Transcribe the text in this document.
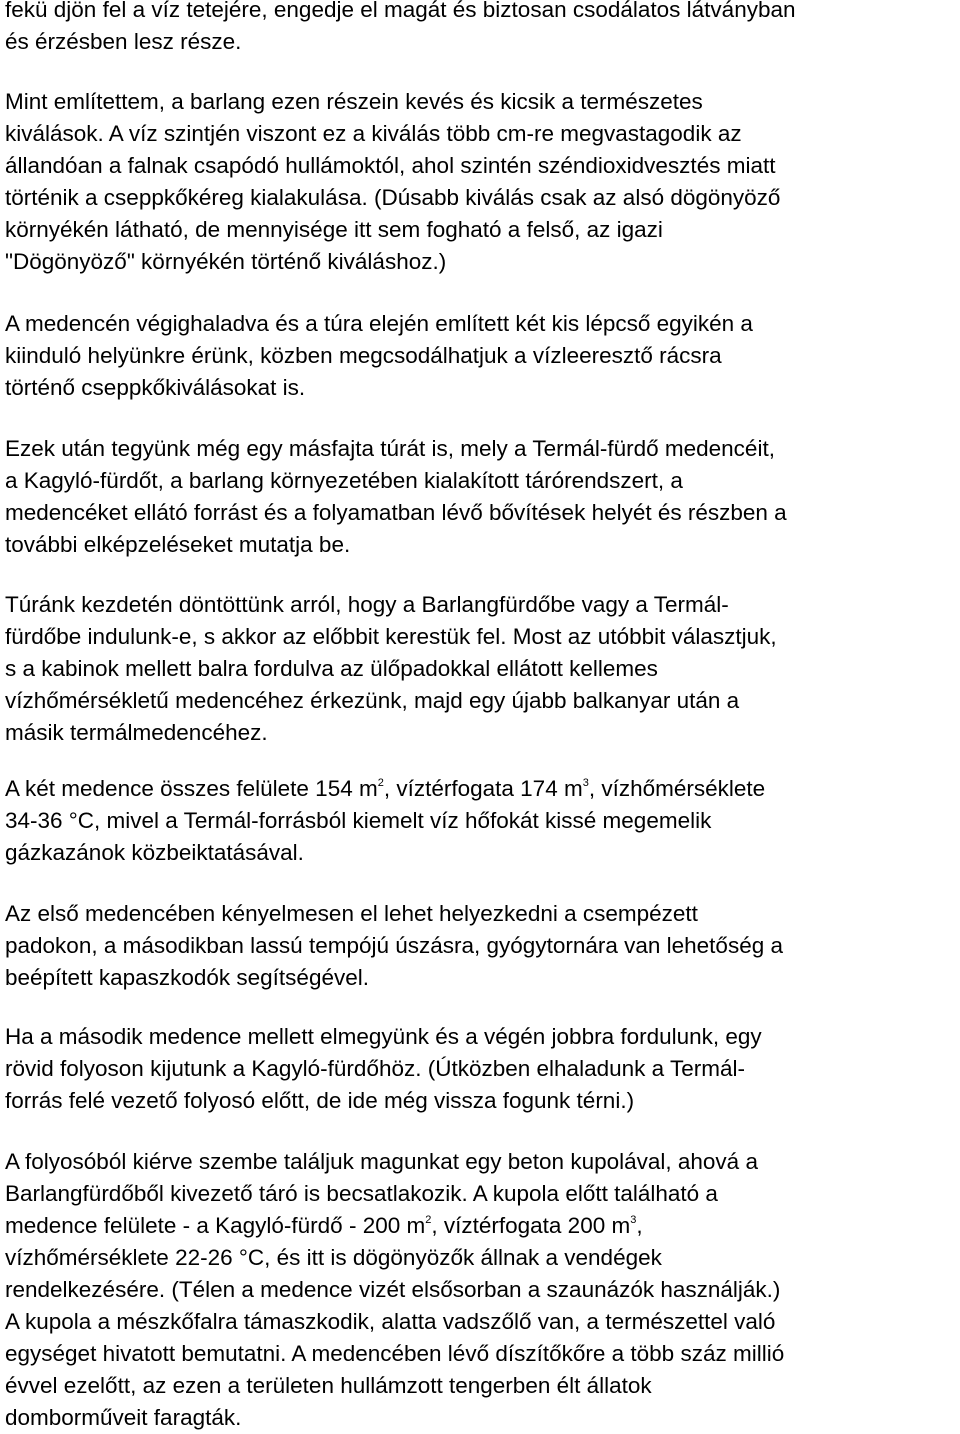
fekü djön fel a víz tetejére, engedje el magát és biztosan csodálatos látványban
és érzésben lesz része.
Mint említettem, a barlang ezen részein kevés és kicsik a természetes
kiválások. A víz szintjén viszont ez a kiválás több cm-re megvastagodik az
állandóan a falnak csapódó hullámoktól, ahol szintén széndioxidvesztés miatt
történik a cseppkőkéreg kialakulása. (Dúsabb kiválás csak az alsó dögönyöző
környékén látható, de mennyisége itt sem fogható a felső, az igazi
"Dögönyöző" környékén történő kiváláshoz.)
A medencén végighaladva és a túra elején említett két kis lépcső egyikén a
kiinduló helyünkre érünk, közben megcsodálhatjuk a vízleeresztő rácsra
történő cseppkőkiválásokat is.
Ezek után tegyünk még egy másfajta túrát is, mely a Termál-fürdő medencéit,
a Kagyló-fürdőt, a barlang környezetében kialakított tárórendszert, a
medencéket ellátó forrást és a folyamatban lévő bővítések helyét és részben a
további elképzeléseket mutatja be.
Túránk kezdetén döntöttünk arról, hogy a Barlangfürdőbe vagy a Termál-
fürdőbe indulunk-e, s akkor az előbbit kerestük fel. Most az utóbbit választjuk,
s a kabinok mellett balra fordulva az ülőpadokkal ellátott kellemes
vízhőmérsékletű medencéhez érkezünk, majd egy újabb balkanyar után a
másik termálmedencéhez.
A két medence összes felülete 154 $m^2$, víztérfogata 174 $m^3$, vízhőmérséklete
34-36 °C, mivel a Termál-forrásból kiemelt víz hőfokát kissé megemelik
gázkazánok közbeiktatásával.
Az első medencében kényelmesen el lehet helyezkedni a csempézett
padokon, a másodikban lassú tempójú úszásra, gyógytornára van lehetőség a
beépített kapaszkodók segítségével.
Ha a második medence mellett elmegyünk és a végén jobbra fordulunk, egy
rövid folyoson kijutunk a Kagyló-fürdőhöz. (Útközben elhaladunk a Termál-
forrás felé vezető folyosó előtt, de ide még vissza fogunk térni.)
A folyosóból kiérve szembe találjuk magunkat egy beton kupolával, ahová a
Barlangfürdőből kivezető táró is becsatlakozik. A kupola előtt található a
medence felülete - a Kagyló-fürdő - 200 $m^2$, víztérfogata 200 $m^3$,
vízhőmérséklete 22-26 °C, és itt is dögönyözők állnak a vendégek
rendelkezésére. (Télen a medence vizét elsősorban a szaunázók használják.)
A kupola a mészkőfalra támaszkodik, alatta vadszőlő van, a természettel való
egységet hivatott bemutatni. A medencében lévő díszítőkőre a több száz millió
évvel ezelőtt, az ezen a területen hullámzott tengerben élt állatok
domborműveit faragták.
